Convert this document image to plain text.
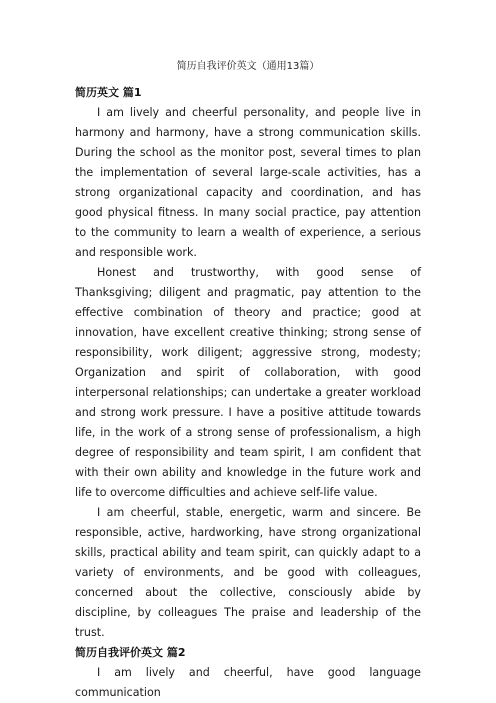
简历自我评价英文（通用13篇）

简历英文 篇1

I am lively and cheerful personality, and people live in harmony and harmony, have a strong communication skills. During the school as the monitor post, several times to plan the implementation of several large-scale activities, has a strong organizational capacity and coordination, and has good physical fitness. In many social practice, pay attention to the community to learn a wealth of experience, a serious and responsible work.

Honest and trustworthy, with good sense of Thanksgiving; diligent and pragmatic, pay attention to the effective combination of theory and practice; good at innovation, have excellent creative thinking; strong sense of responsibility, work diligent; aggressive strong, modesty; Organization and spirit of collaboration, with good interpersonal relationships; can undertake a greater workload and strong work pressure. I have a positive attitude towards life, in the work of a strong sense of professionalism, a high degree of responsibility and team spirit, I am confident that with their own ability and knowledge in the future work and life to overcome difficulties and achieve self-life value.

I am cheerful, stable, energetic, warm and sincere. Be responsible, active, hardworking, have strong organizational skills, practical ability and team spirit, can quickly adapt to a variety of environments, and be good with colleagues, concerned about the collective, consciously abide by discipline, by colleagues The praise and leadership of the trust.

简历自我评价英文 篇2

I am lively and cheerful, have good language communication
